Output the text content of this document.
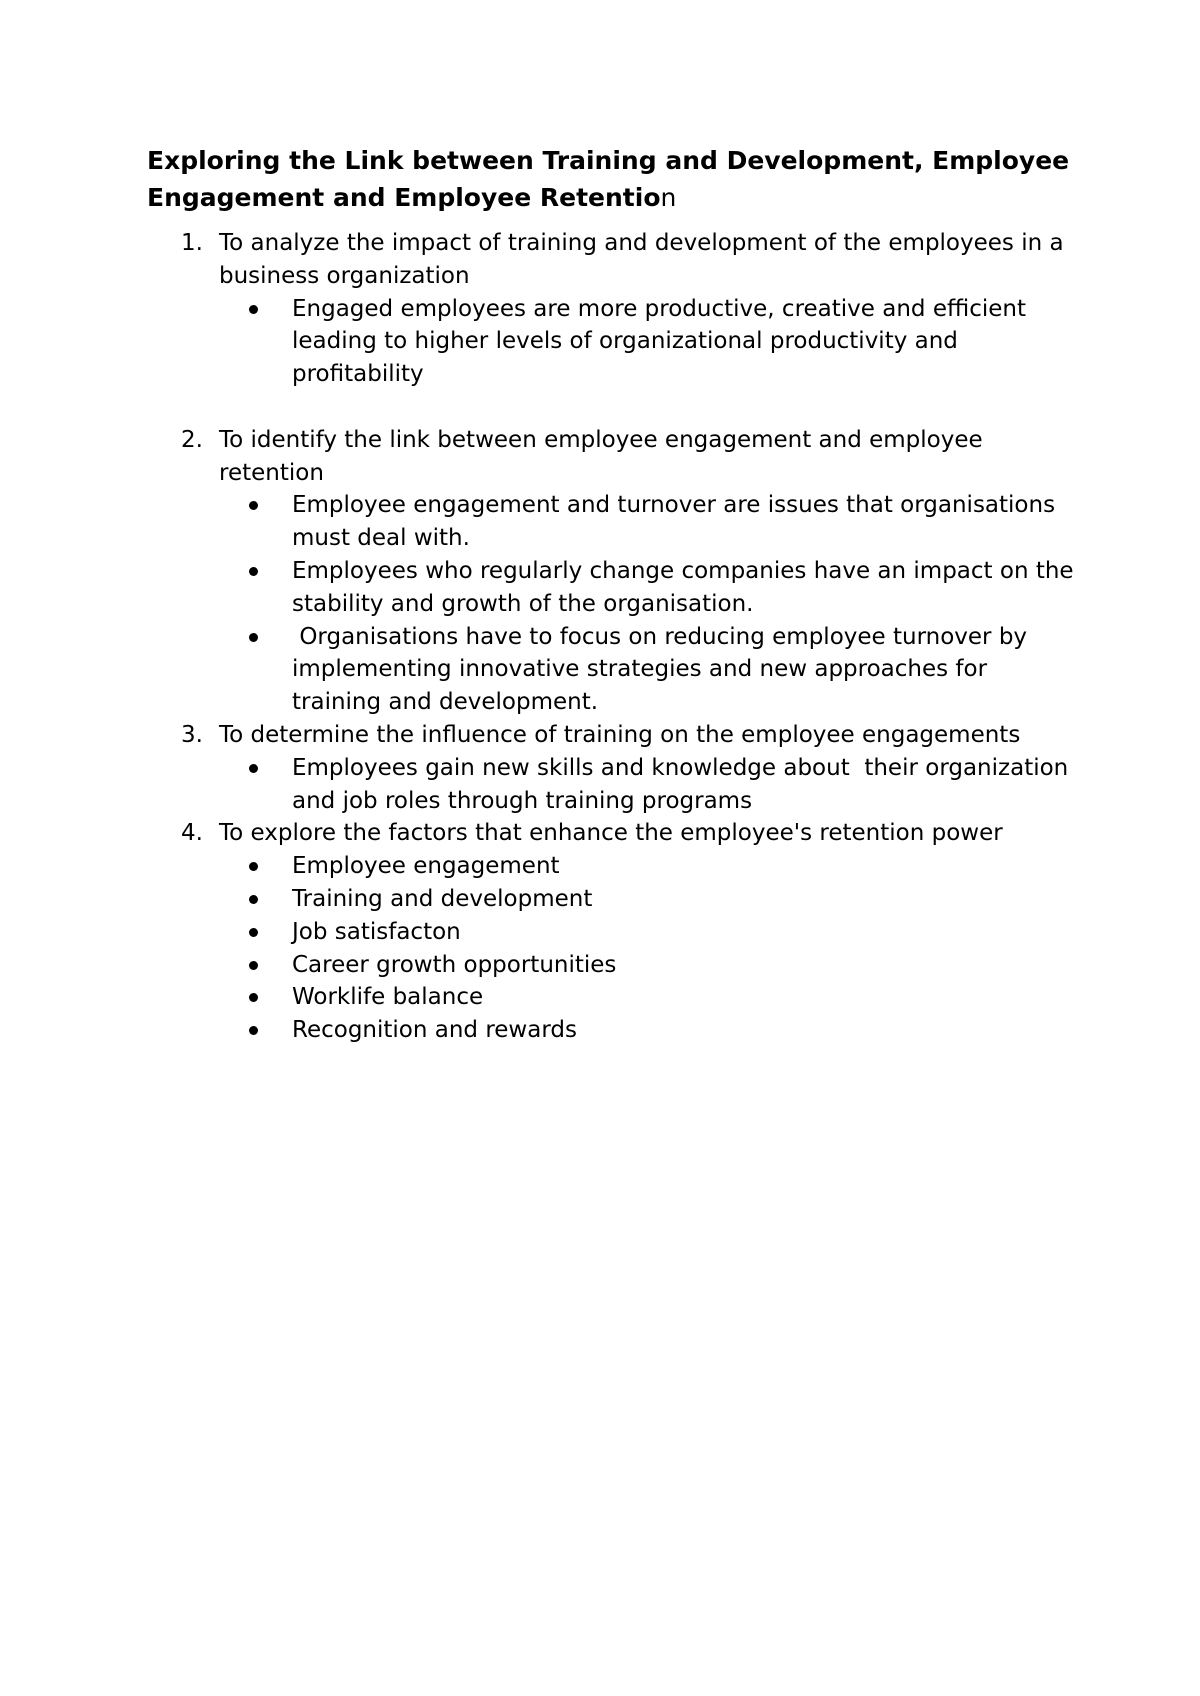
Exploring the Link between Training and Development, Employee Engagement and Employee Retention
1. To analyze the impact of training and development of the employees in a business organization
Engaged employees are more productive, creative and efficient leading to higher levels of organizational productivity and profitability
2. To identify the link between employee engagement and employee retention
Employee engagement and turnover are issues that organisations must deal with.
Employees who regularly change companies have an impact on the stability and growth of the organisation.
Organisations have to focus on reducing employee turnover by implementing innovative strategies and new approaches for training and development.
3. To determine the influence of training on the employee engagements
Employees gain new skills and knowledge about  their organization and job roles through training programs
4. To explore the factors that enhance the employee's retention power
Employee engagement
Training and development
Job satisfacton
Career growth opportunities
Worklife balance
Recognition and rewards
